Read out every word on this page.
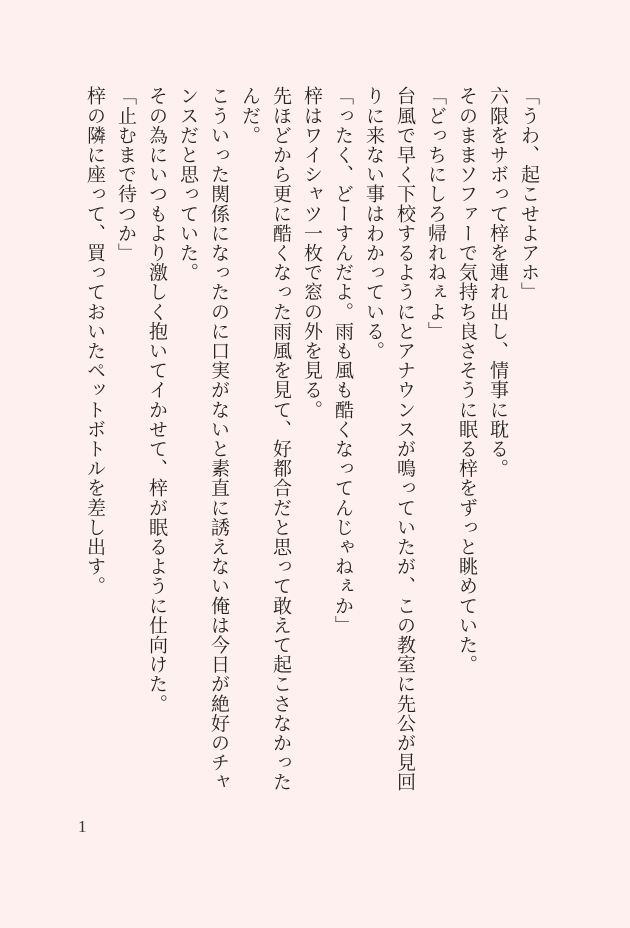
「うわ、起こせよアホ」

六限をサボって梓を連れ出し、情事に耽る。

そのままソファーで気持ち良さそうに眠る梓をずっと眺めていた。

「どっちにしろ帰れねぇよ」

台風で早く下校するようにとアナウンスが鳴っていたが、この教室に先公が見回りに来ない事はわかっている。

「ったく、どーすんだよ。雨も風も酷くなってんじゃねぇか」

梓はワイシャツ一枚で窓の外を見る。

先ほどから更に酷くなった雨風を見て、好都合だと思って敢えて起こさなかったんだ。

こういった関係になったのに口実がないと素直に誘えない俺は今日が絶好のチャンスだと思っていた。

その為にいつもより激しく抱いてイかせて、梓が眠るように仕向けた。

「止むまで待つか」

梓の隣に座って、買っておいたペットボトルを差し出す。

1
